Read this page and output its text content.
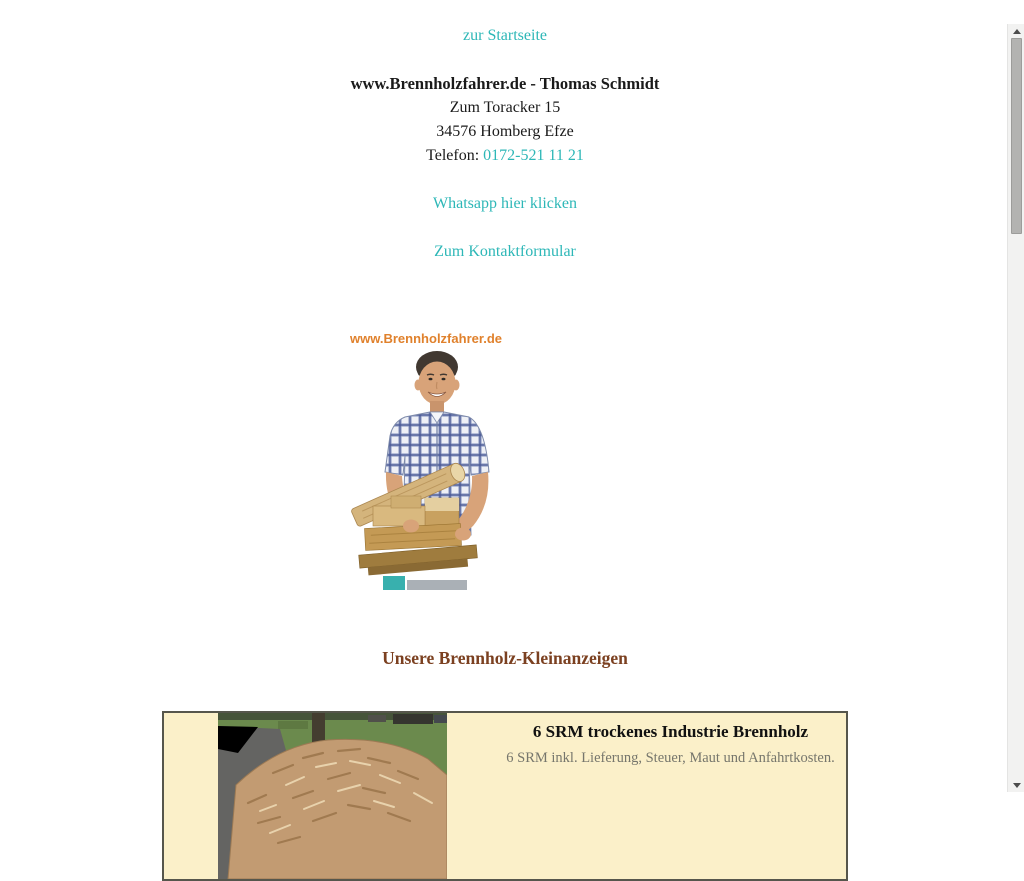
zur Startseite

www.Brennholzfahrer.de - Thomas Schmidt

Zum Toracker 15

34576 Homberg Efze

Telefon: 0172-521 11 21

Whatsapp hier klicken

Zum Kontaktformular

www.Brennholzfahrer.de

Unsere Brennholz-Kleinanzeigen

6 SRM trockenes Industrie Brennholz

6 SRM inkl. Lieferung, Steuer, Maut und Anfahrtkosten.
